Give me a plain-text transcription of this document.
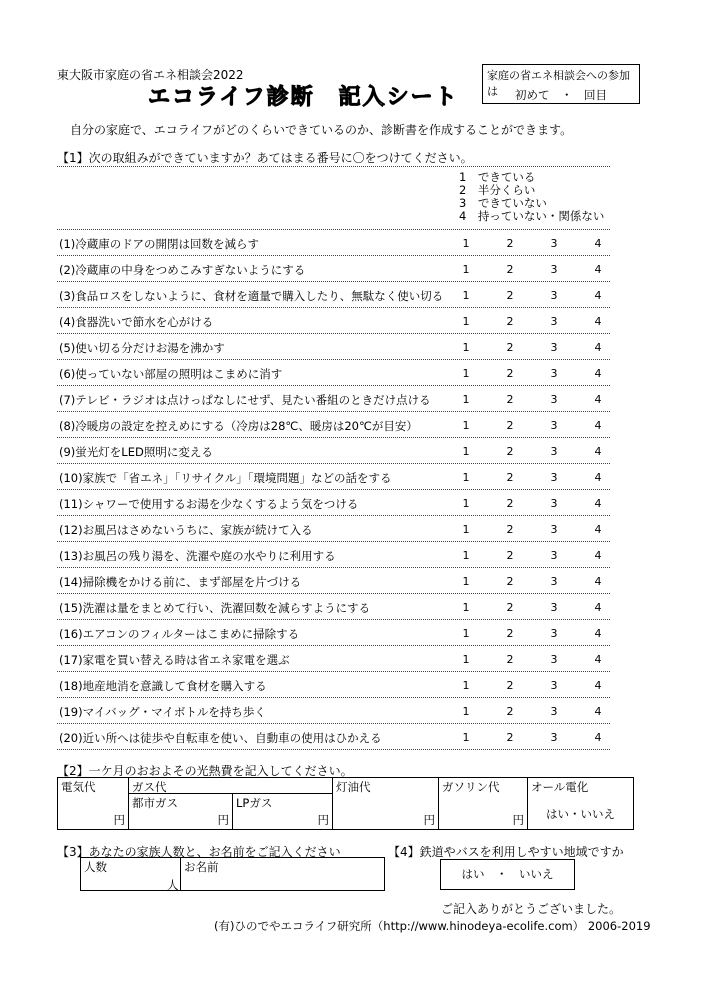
東大阪市家庭の省エネ相談会2022
エコライフ診断　記入シート
家庭の省エネ相談会への参加は	初めて　・　回目
自分の家庭で、エコライフがどのくらいできているのか、診断書を作成することができます。
【1】次の取組みができていますか？あてはまる番号に〇をつけてください。
1　できている
2　半分くらい
3　できていない
4　持っていない・関係ない
(1)冷蔵庫のドアの開閉は回数を減らす	1	2	3	4
(2)冷蔵庫の中身をつめこみすぎないようにする	1	2	3	4
(3)食品ロスをしないように、食材を適量で購入したり、無駄なく使い切る 1	2	3	4
(4)食器洗いで節水を心がける	1	2	3	4
(5)使い切る分だけお湯を沸かす	1	2	3	4
(6)使っていない部屋の照明はこまめに消す	1	2	3	4
(7)テレビ・ラジオは点けっぱなしにせず、見たい番組のときだけ点ける	1	2	3	4
(8)冷暖房の設定を控えめにする（冷房は28℃、暖房は20℃が目安）	1	2	3	4
(9)蛍光灯をLED照明に変える	1	2	3	4
(10)家族で「省エネ」「リサイクル」「環境問題」などの話をする	1	2	3	4
(11)シャワーで使用するお湯を少なくするよう気をつける	1	2	3	4
(12)お風呂はさめないうちに、家族が続けて入る	1	2	3	4
(13)お風呂の残り湯を、洗濯や庭の水やりに利用する	1	2	3	4
(14)掃除機をかける前に、まず部屋を片づける	1	2	3	4
(15)洗濯は量をまとめて行い、洗濯回数を減らすようにする	1	2	3	4
(16)エアコンのフィルターはこまめに掃除する	1	2	3	4
(17)家電を買い替える時は省エネ家電を選ぶ	1	2	3	4
(18)地産地消を意識して食材を購入する	1	2	3	4
(19)マイバッグ・マイボトルを持ち歩く	1	2	3	4
(20)近い所へは徒歩や自転車を使い、自動車の使用はひかえる	1	2	3	4
【2】一ケ月のおおよその光熱費を記入してください。
電気代
円

ガス代
都市ガス
円
LPガス
円

灯油代
円

ガソリン代
円

オール電化
はい・いいえ
【3】あなたの家族人数と、お名前をご記入ください
人数
人
お名前
【4】鉄道やバスを利用しやすい地域ですか
はい　・　いいえ
ご記入ありがとうございました。
(有)ひのでやエコライフ研究所（http://www.hinodeya-ecolife.com） 2006-2019
